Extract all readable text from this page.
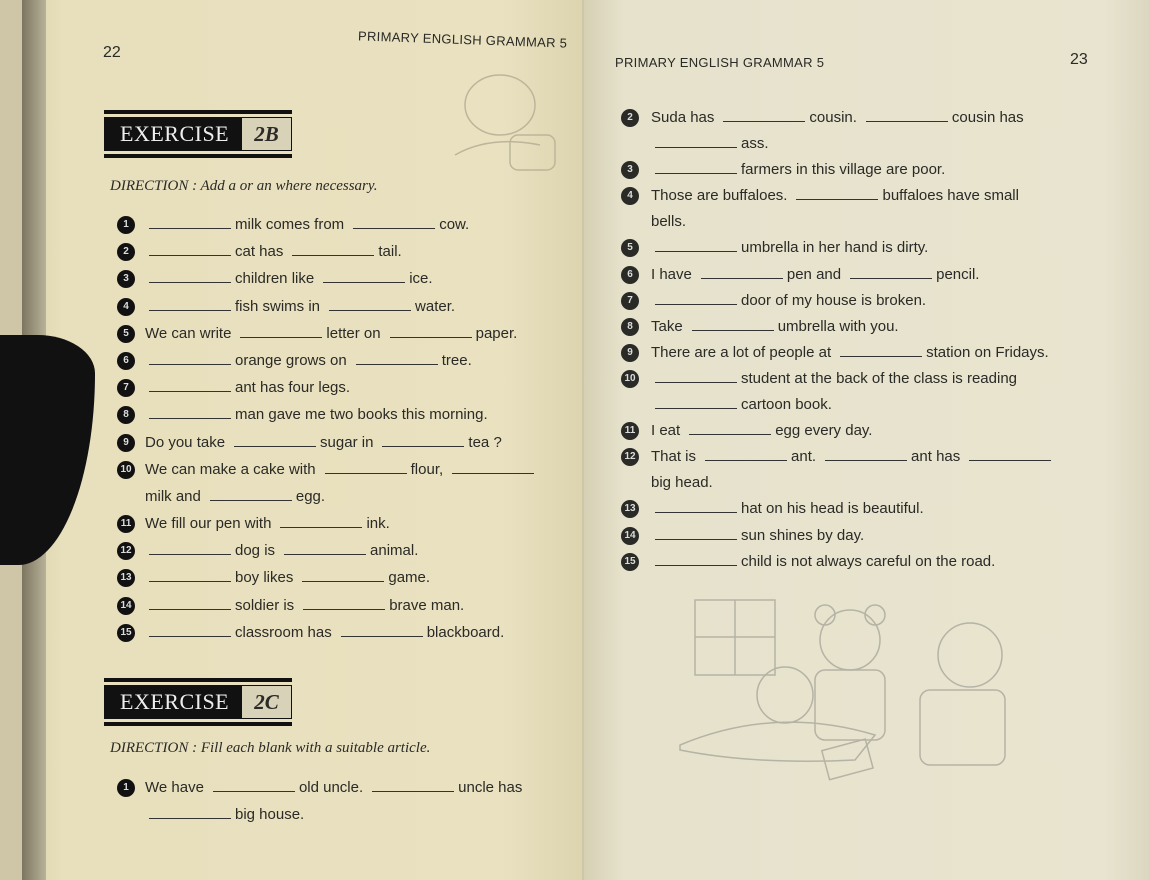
22
PRIMARY ENGLISH GRAMMAR 5
PRIMARY ENGLISH GRAMMAR 5	23
EXERCISE	2B
DIRECTION : Add a or an where necessary.
1	milk comes from	cow.
2	cat has	tail.
3	children like	ice.
4	fish swims in	water.
5	We can write	letter on	paper.
6	orange grows on	tree.
7	ant has four legs.
8	man gave me two books this morning.
9	Do you take	sugar in	tea ?
10 We can make a cake with	flour,
milk and	egg.
11 We fill our pen with	ink.
12	dog is	animal.
13	boy likes	game.
14	soldier is	brave man.
15	classroom has	blackboard.
EXERCISE	2C
DIRECTION : Fill each blank with a suitable article.
1	We have	old uncle.	uncle has
big house.
2	Suda has	cousin.	cousin has
ass.
3	farmers in this village are poor.
4	Those are buffaloes.	buffaloes have small
bells.
5	umbrella in her hand is dirty.
6	I have	pen and	pencil.
7	door of my house is broken.
8	Take	umbrella with you.
9	There are a lot of people at	station on Fridays.
10	student at the back of the class is reading
cartoon book.
11 I eat	egg every day.
12 That is	ant.	ant has
big head.
13	hat on his head is beautiful.
14	sun shines by day.
15	child is not always careful on the road.
